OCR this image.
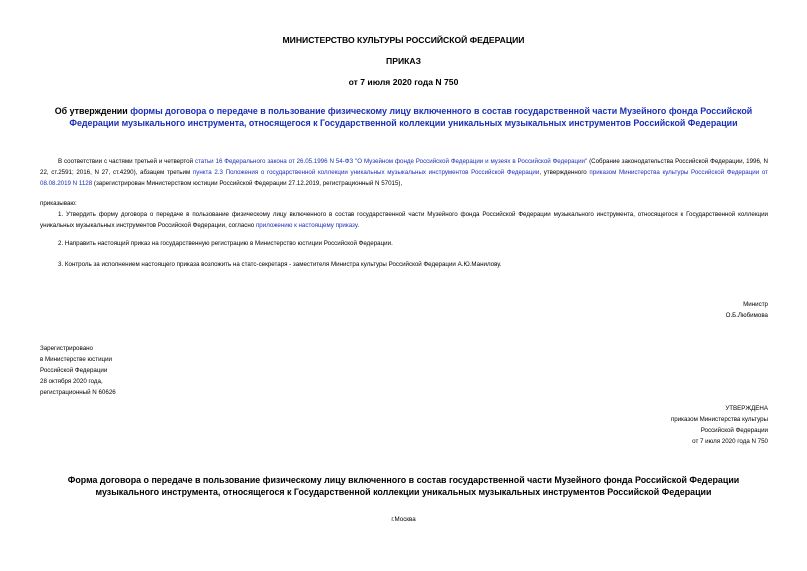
МИНИСТЕРСТВО КУЛЬТУРЫ РОССИЙСКОЙ ФЕДЕРАЦИИ
ПРИКАЗ
от 7 июля 2020 года N 750
Об утверждении формы договора о передаче в пользование физическому лицу включенного в состав государственной части Музейного фонда Российской Федерации музыкального инструмента, относящегося к Государственной коллекции уникальных музыкальных инструментов Российской Федерации
В соответствии с частями третьей и четвертой статьи 16 Федерального закона от 26.05.1996 N 54-ФЗ "О Музейном фонде Российской Федерации и музеях в Российской Федерации" (Собрание законодательства Российской Федерации, 1996, N 22, ст.2591; 2016, N 27, ст.4290), абзацем третьим пункта 2.3 Положения о государственной коллекции уникальных музыкальных инструментов Российской Федерации, утвержденного приказом Министерства культуры Российской Федерации от 08.08.2019 N 1128 (зарегистрирован Министерством юстиции Российской Федерации 27.12.2019, регистрационный N 57015),
приказываю:
1. Утвердить форму договора о передаче в пользование физическому лицу включенного в состав государственной части Музейного фонда Российской Федерации музыкального инструмента, относящегося к Государственной коллекции уникальных музыкальных инструментов Российской Федерации, согласно приложению к настоящему приказу.
2. Направить настоящий приказ на государственную регистрацию в Министерство юстиции Российской Федерации.
3. Контроль за исполнением настоящего приказа возложить на статс-секретаря - заместителя Министра культуры Российской Федерации А.Ю.Манилову.
Министр
О.Б.Любимова
Зарегистрировано
в Министерстве юстиции
Российской Федерации
28 октября 2020 года,
регистрационный N 60626
УТВЕРЖДЕНА
приказом Министерства культуры
Российской Федерации
от 7 июля 2020 года N 750
Форма договора о передаче в пользование физическому лицу включенного в состав государственной части Музейного фонда Российской Федерации музыкального инструмента, относящегося к Государственной коллекции уникальных музыкальных инструментов Российской Федерации
г.Москва
